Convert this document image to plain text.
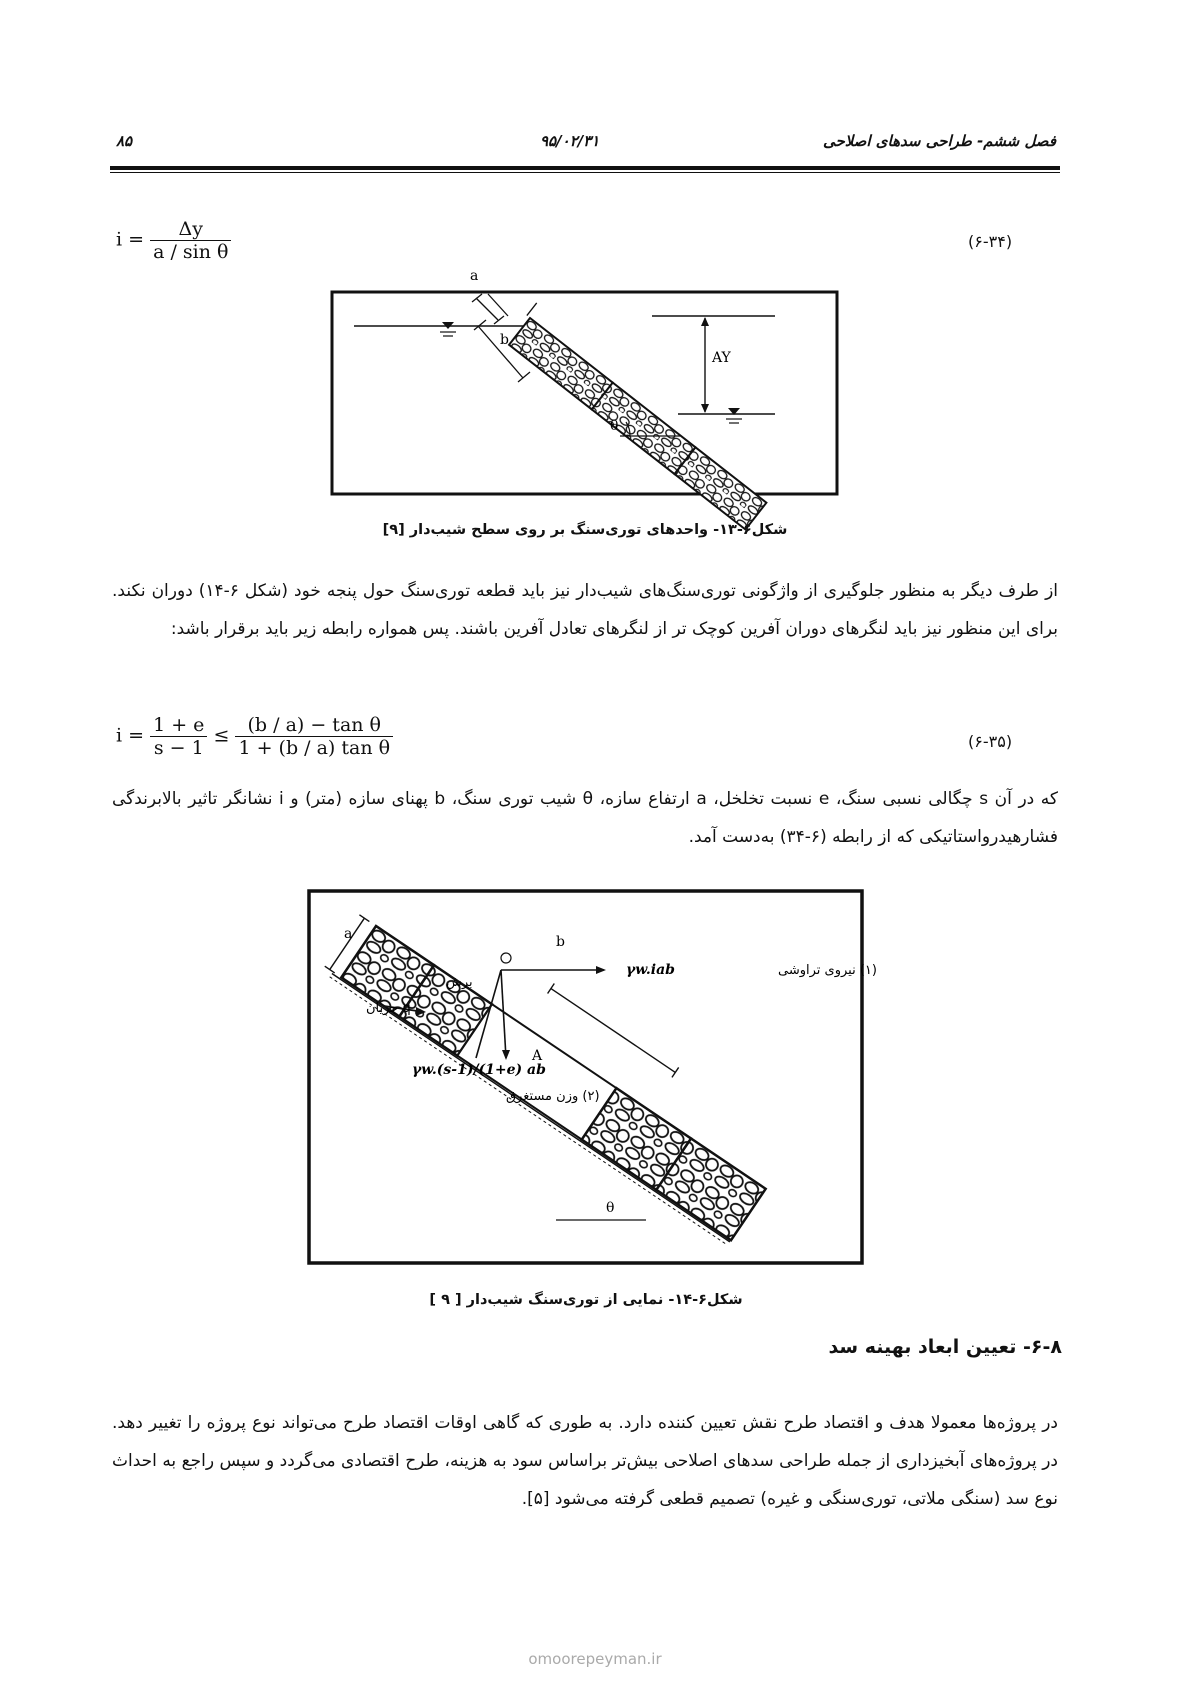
فصل ششم- طراحی سدهای اصلاحی
۹۵/۰۲/۳۱
۸۵
$i = \frac{\Delta y}{\text{a / sin θ}}$	(۶-۳۴)
a
b
AY
θ
شکل۶-۱۳- واحدهای توری‌سنگ بر روی سطح شیب‌دار [۹]
از طرف دیگر به منظور جلوگیری از واژگونی توری‌سنگ‌های شیب‌دار نیز باید قطعه توری‌سنگ حول پنجه خود (شکل ۶-۱۴) دوران نکند. برای این منظور نیز باید لنگرهای دوران آفرین کوچک تر از لنگرهای تعادل آفرین باشند. پس همواره رابطه زیر باید برقرار باشد:
$i = \frac{1 + e}{s - 1} \le \frac{\text{(b / a) − tan θ}}{\text{1 + (b / a) tan θ}}$	(۶-۳۵)
که در آن s چگالی نسبی سنگ، e نسبت تخلخل، a ارتفاع سازه، θ شیب توری سنگ، b پهنای سازه (متر) و i نشانگر تاثیر بالابرندگی فشارهیدرواستاتیکی که از رابطه (۶-۳۴) به‌دست آمد.
a	b
θ
γw.iab	(۱) نیروی تراوشی
برش
q جریان
A
γw.(s-1)/(1+e) ab
(۲) وزن مستغرق
شکل۶-۱۴- نمایی از توری‌سنگ شیب‌دار [ ۹ ]
۶-۸- تعیین ابعاد بهینه سد
در پروژه‌ها معمولا هدف و اقتصاد طرح نقش تعیین کننده دارد. به طوری که گاهی اوقات اقتصاد طرح می‌تواند نوع پروژه را تغییر دهد. در پروژه‌های آبخیزداری از جمله طراحی سدهای اصلاحی بیش‌تر براساس سود به هزینه، طرح اقتصادی می‌گردد و سپس راجع به احداث نوع سد (سنگی ملاتی، توری‌سنگی و غیره) تصمیم قطعی گرفته می‌شود [۵].
omoorepeyman.ir
